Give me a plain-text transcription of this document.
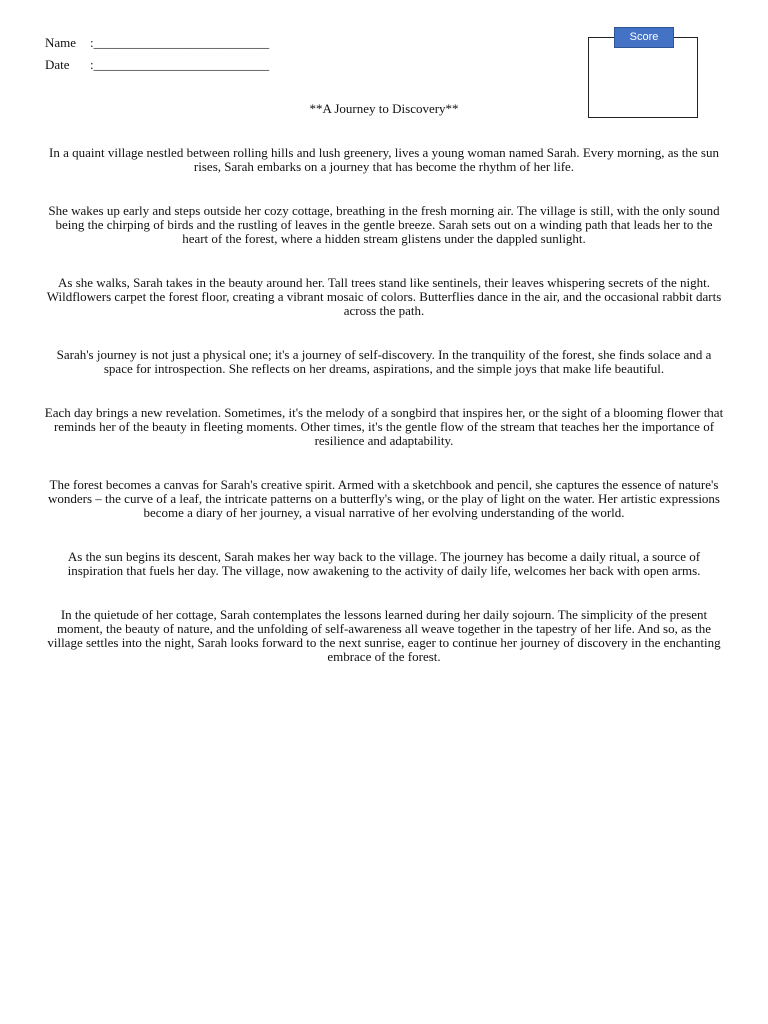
Name :___________________________
Date :___________________________
Score
**A Journey to Discovery**

In a quaint village nestled between rolling hills and lush greenery, lives a young woman named Sarah. Every morning, as the sun rises, Sarah embarks on a journey that has become the rhythm of her life.

She wakes up early and steps outside her cozy cottage, breathing in the fresh morning air. The village is still, with the only sound being the chirping of birds and the rustling of leaves in the gentle breeze. Sarah sets out on a winding path that leads her to the heart of the forest, where a hidden stream glistens under the dappled sunlight.

As she walks, Sarah takes in the beauty around her. Tall trees stand like sentinels, their leaves whispering secrets of the night. Wildflowers carpet the forest floor, creating a vibrant mosaic of colors. Butterflies dance in the air, and the occasional rabbit darts across the path.

Sarah's journey is not just a physical one; it's a journey of self-discovery. In the tranquility of the forest, she finds solace and a space for introspection. She reflects on her dreams, aspirations, and the simple joys that make life beautiful.

Each day brings a new revelation. Sometimes, it's the melody of a songbird that inspires her, or the sight of a blooming flower that reminds her of the beauty in fleeting moments. Other times, it's the gentle flow of the stream that teaches her the importance of resilience and adaptability.

The forest becomes a canvas for Sarah's creative spirit. Armed with a sketchbook and pencil, she captures the essence of nature's wonders – the curve of a leaf, the intricate patterns on a butterfly's wing, or the play of light on the water. Her artistic expressions become a diary of her journey, a visual narrative of her evolving understanding of the world.

As the sun begins its descent, Sarah makes her way back to the village. The journey has become a daily ritual, a source of inspiration that fuels her day. The village, now awakening to the activity of daily life, welcomes her back with open arms.

In the quietude of her cottage, Sarah contemplates the lessons learned during her daily sojourn. The simplicity of the present moment, the beauty of nature, and the unfolding of self-awareness all weave together in the tapestry of her life. And so, as the village settles into the night, Sarah looks forward to the next sunrise, eager to continue her journey of discovery in the enchanting embrace of the forest.
